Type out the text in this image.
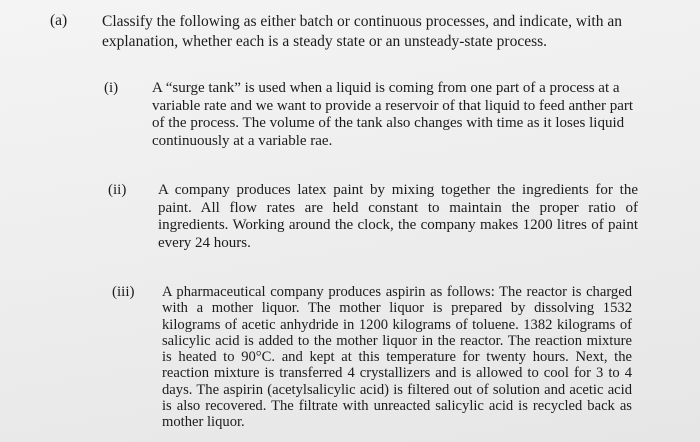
(a) Classify the following as either batch or continuous processes, and indicate, with an explanation, whether each is a steady state or an unsteady-state process.
(i) A “surge tank” is used when a liquid is coming from one part of a process at a variable rate and we want to provide a reservoir of that liquid to feed anther part of the process. The volume of the tank also changes with time as it loses liquid continuously at a variable rae.
(ii) A company produces latex paint by mixing together the ingredients for the paint. All flow rates are held constant to maintain the proper ratio of ingredients. Working around the clock, the company makes 1200 litres of paint every 24 hours.
(iii) A pharmaceutical company produces aspirin as follows: The reactor is charged with a mother liquor. The mother liquor is prepared by dissolving 1532 kilograms of acetic anhydride in 1200 kilograms of toluene. 1382 kilograms of salicylic acid is added to the mother liquor in the reactor. The reaction mixture is heated to 90°C. and kept at this temperature for twenty hours. Next, the reaction mixture is transferred 4 crystallizers and is allowed to cool for 3 to 4 days. The aspirin (acetylsalicylic acid) is filtered out of solution and acetic acid is also recovered. The filtrate with unreacted salicylic acid is recycled back as mother liquor.
